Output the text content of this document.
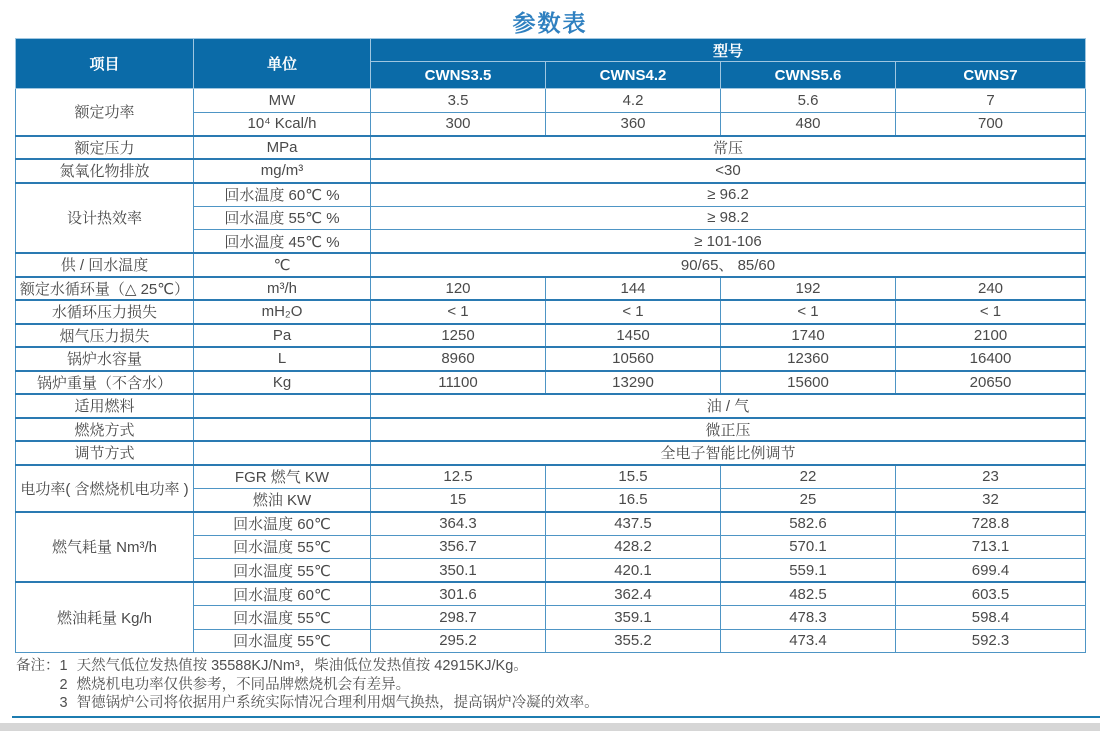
参数表
项目	单位	型号			
		CWNS3.5	CWNS4.2	CWNS5.6	CWNS7
额定功率	MW	3.5	4.2	5.6	7
	10⁴ Kcal/h	300	360	480	700
额定压力	MPa	常压			
氮氧化物排放	mg/m³	<30			
设计热效率	回水温度 60℃ %	≥ 96.2			
	回水温度 55℃ %	≥ 98.2			
	回水温度 45℃ %	≥ 101-106			
供 / 回水温度	℃	90/65、 85/60			
额定水循环量（△ 25℃）	m³/h	120	144	192	240
水循环压力损失	mH₂O	< 1	< 1	< 1	< 1
烟气压力损失	Pa	1250	1450	1740	2100
锅炉水容量	L	8960	10560	12360	16400
锅炉重量（不含水）	Kg	11100	13290	15600	20650
适用燃料		油 / 气			
燃烧方式		微正压			
调节方式		全电子智能比例调节			
电功率( 含燃烧机电功率 )	FGR 燃气 KW	12.5	15.5	22	23
	燃油 KW	15	16.5	25	32
燃气耗量 Nm³/h	回水温度 60℃	364.3	437.5	582.6	728.8
	回水温度 55℃	356.7	428.2	570.1	713.1
	回水温度 55℃	350.1	420.1	559.1	699.4
燃油耗量 Kg/h	回水温度 60℃	301.6	362.4	482.5	603.5
	回水温度 55℃	298.7	359.1	478.3	598.4
	回水温度 55℃	295.2	355.2	473.4	592.3
备注： 1 天然气低位发热值按 35588KJ/Nm³，柴油低位发热值按 42915KJ/Kg。
2 燃烧机电功率仅供参考，不同品牌燃烧机会有差异。
3 智德锅炉公司将依据用户系统实际情况合理利用烟气换热，提高锅炉冷凝的效率。
